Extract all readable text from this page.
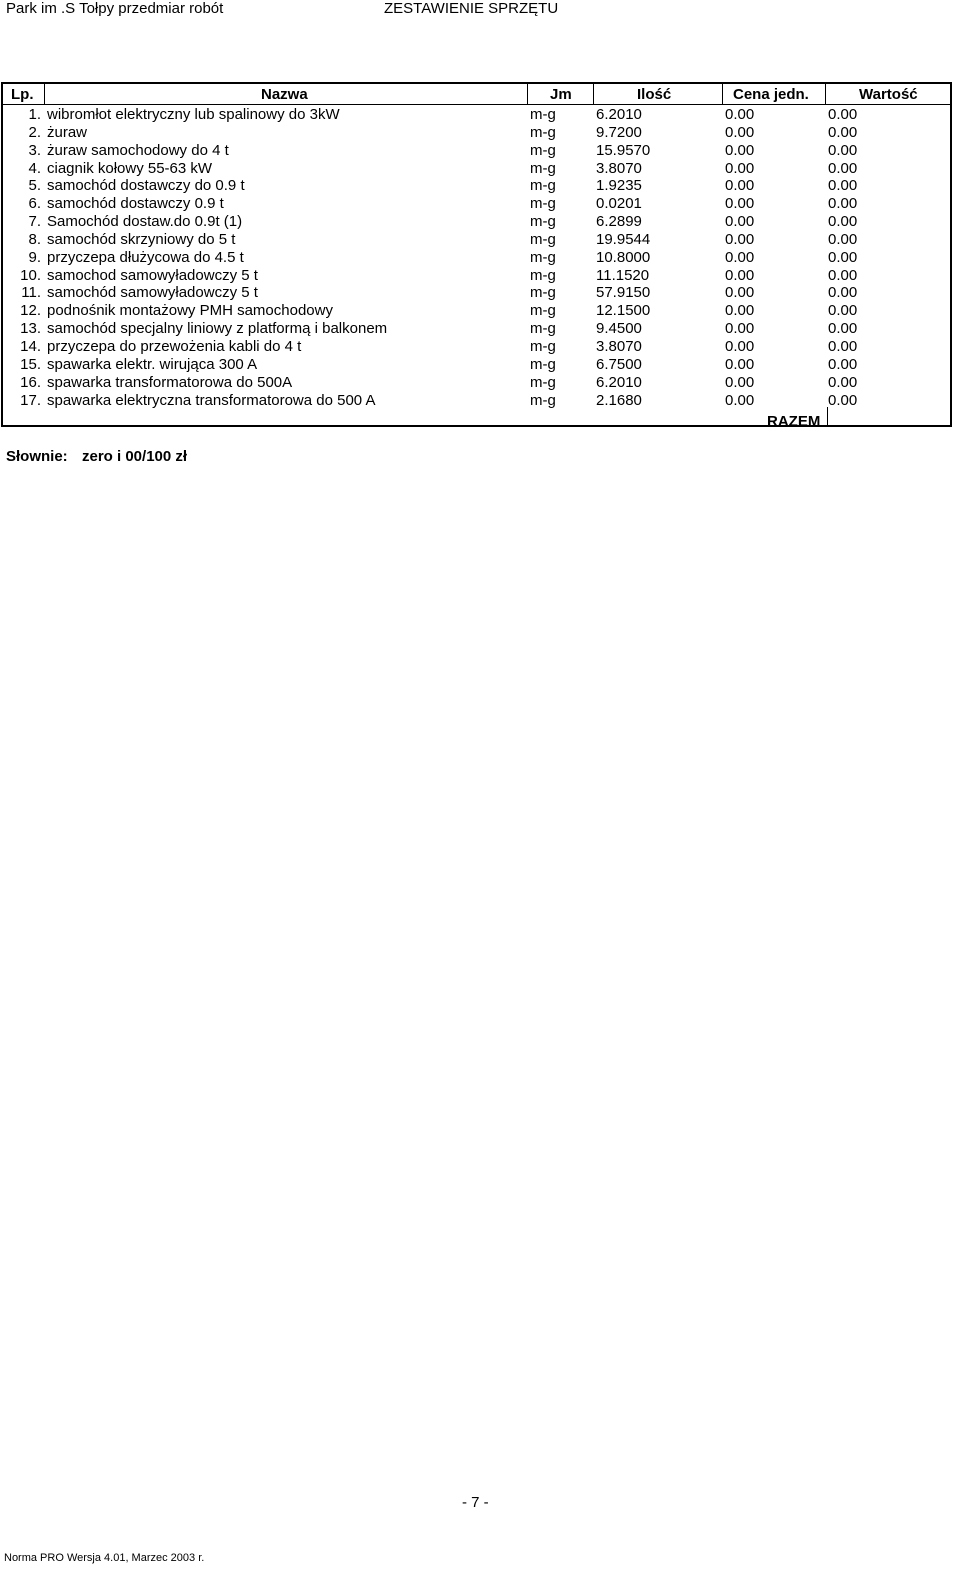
Park im .S Tołpy przedmiar robót	ZESTAWIENIE SPRZĘTU
Lp.	Nazwa	Jm	Ilość	Cena jedn.	Wartość
1. wibromłot elektryczny lub spalinowy do 3kW	m-g	6.2010	0.00	0.00
2. żuraw	m-g	9.7200	0.00	0.00
3. żuraw samochodowy do 4 t	m-g	15.9570	0.00	0.00
4. ciagnik kołowy 55-63 kW	m-g	3.8070	0.00	0.00
5. samochód dostawczy do 0.9 t	m-g	1.9235	0.00	0.00
6. samochód dostawczy 0.9 t	m-g	0.0201	0.00	0.00
7. Samochód dostaw.do 0.9t (1)	m-g	6.2899	0.00	0.00
8. samochód skrzyniowy do 5 t	m-g	19.9544	0.00	0.00
9. przyczepa dłużycowa do 4.5 t	m-g	10.8000	0.00	0.00
10. samochod samowyładowczy 5 t	m-g	11.1520	0.00	0.00
11. samochód samowyładowczy 5 t	m-g	57.9150	0.00	0.00
12. podnośnik montażowy PMH samochodowy	m-g	12.1500	0.00	0.00
13. samochód specjalny liniowy z platformą i balkonem	m-g	9.4500	0.00	0.00
14. przyczepa do przewożenia kabli do 4 t	m-g	3.8070	0.00	0.00
15. spawarka elektr. wirująca 300 A	m-g	6.7500	0.00	0.00
16. spawarka transformatorowa do 500A	m-g	6.2010	0.00	0.00
17. spawarka elektryczna transformatorowa do 500 A	m-g	2.1680	0.00	0.00
RAZEM
Słownie: zero i 00/100 zł
- 7 -
Norma PRO Wersja 4.01, Marzec 2003 r.
